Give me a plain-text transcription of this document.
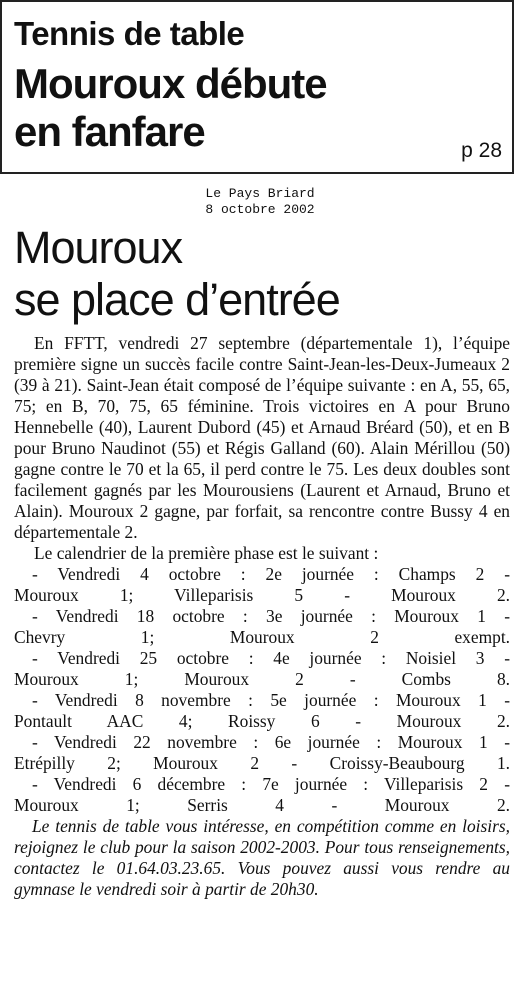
Tennis de table
Mouroux débute
en fanfare	p 28
Le Pays Briard
8 octobre 2002
Mouroux
se place d’entrée

En FFTT, vendredi 27 septembre (départementale 1), l’équipe première signe un succès facile contre Saint-Jean-les-Deux-Jumeaux 2 (39 à 21). Saint-Jean était composé de l’équipe suivante : en A, 55, 65, 75; en B, 70, 75, 65 féminine. Trois victoires en A pour Bruno Hennebelle (40), Laurent Dubord (45) et Arnaud Bréard (50), et en B pour Bruno Naudinot (55) et Régis Galland (60). Alain Mérillou (50) gagne contre le 70 et la 65, il perd contre le 75. Les deux doubles sont facilement gagnés par les Mourousiens (Laurent et Arnaud, Bruno et Alain). Mouroux 2 gagne, par forfait, sa rencontre contre Bussy 4 en départementale 2.

Le calendrier de la première phase est le suivant :

- Vendredi 4 octobre : 2e journée : Champs 2 -
Mouroux 1; Villeparisis 5 - Mouroux 2.
- Vendredi 18 octobre : 3e journée : Mouroux 1 -
Chevry 1; Mouroux 2 exempt.
- Vendredi 25 octobre : 4e journée : Noisiel 3 -
Mouroux 1; Mouroux 2 - Combs 8.
- Vendredi 8 novembre : 5e journée : Mouroux 1 -
Pontault AAC 4; Roissy 6 - Mouroux 2.
- Vendredi 22 novembre : 6e journée : Mouroux 1 -
Etrépilly 2; Mouroux 2 - Croissy-Beaubourg 1.
- Vendredi 6 décembre : 7e journée : Villeparisis 2 -
Mouroux 1; Serris 4 - Mouroux 2.

Le tennis de table vous intéresse, en compétition comme en loisirs, rejoignez le club pour la saison 2002-2003. Pour tous renseignements, contactez le 01.64.03.23.65. Vous pouvez aussi vous rendre au gymnase le vendredi soir à partir de 20h30.
